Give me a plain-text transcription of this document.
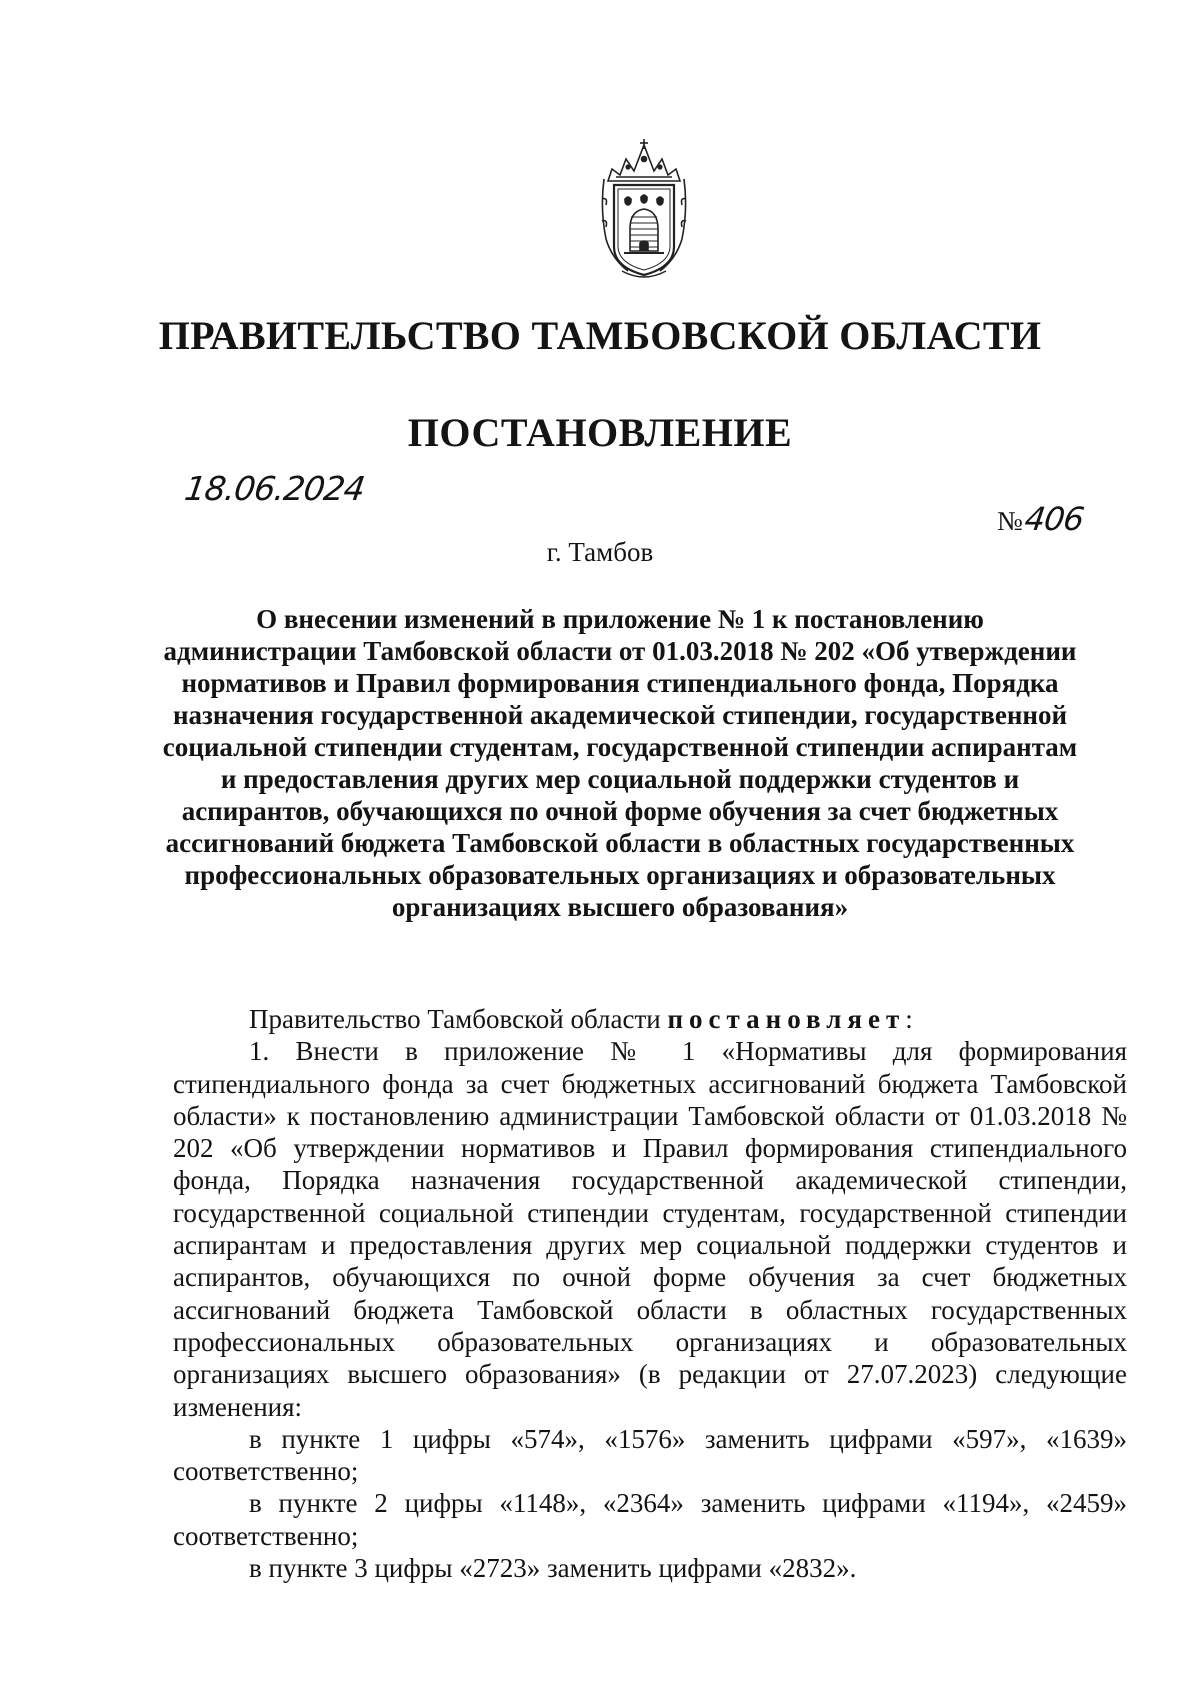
ПРАВИТЕЛЬСТВО ТАМБОВСКОЙ ОБЛАСТИ
ПОСТАНОВЛЕНИЕ
18.06.2024
№406
г. Тамбов

О внесении изменений в приложение № 1 к постановлению администрации Тамбовской области от 01.03.2018 № 202 «Об утверждении нормативов и Правил формирования стипендиального фонда, Порядка назначения государственной академической стипендии, государственной социальной стипендии студентам, государственной стипендии аспирантам и предоставления других мер социальной поддержки студентов и аспирантов, обучающихся по очной форме обучения за счет бюджетных ассигнований бюджета Тамбовской области в областных государственных профессиональных образовательных организациях и образовательных организациях высшего образования»

Правительство Тамбовской области постановляет:

1. Внести в приложение № 1 «Нормативы для формирования стипендиального фонда за счет бюджетных ассигнований бюджета Тамбовской области» к постановлению администрации Тамбовской области от 01.03.2018 № 202 «Об утверждении нормативов и Правил формирования стипендиального фонда, Порядка назначения государственной академической стипендии, государственной социальной стипендии студентам, государственной стипендии аспирантам и предоставления других мер социальной поддержки студентов и аспирантов, обучающихся по очной форме обучения за счет бюджетных ассигнований бюджета Тамбовской области в областных государственных профессиональных образовательных организациях и образовательных организациях высшего образования» (в редакции от 27.07.2023) следующие изменения:

в пункте 1 цифры «574», «1576» заменить цифрами «597», «1639» соответственно;

в пункте 2 цифры «1148», «2364» заменить цифрами «1194», «2459» соответственно;

в пункте 3 цифры «2723» заменить цифрами «2832».
